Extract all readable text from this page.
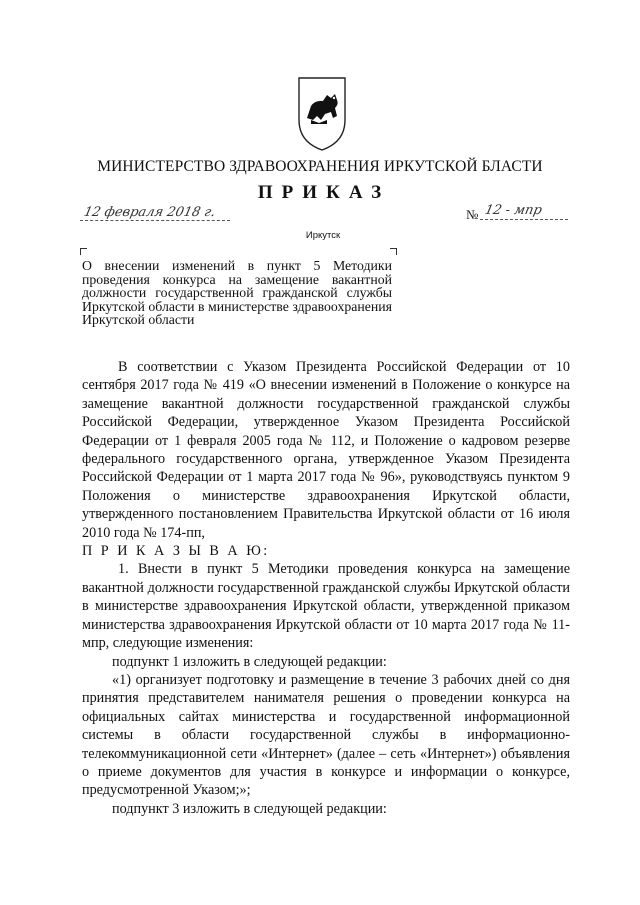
МИНИСТЕРСТВО ЗДРАВООХРАНЕНИЯ ИРКУТСКОЙ БЛАСТИ
ПРИКАЗ
12 февраля 2018 г.	№ 12 - мпр
Иркутск
О внесении изменений в пункт 5 Методики проведения конкурса на замещение вакантной должности государственной гражданской службы Иркутской области в министерстве здравоохранения Иркутской области

В соответствии с Указом Президента Российской Федерации от 10 сентября 2017 года № 419 «О внесении изменений в Положение о конкурсе на замещение вакантной должности государственной гражданской службы Российской Федерации, утвержденное Указом Президента Российской Федерации от 1 февраля 2005 года № 112, и Положение о кадровом резерве федерального государственного органа, утвержденное Указом Президента Российской Федерации от 1 марта 2017 года № 96», руководствуясь пунктом 9 Положения о министерстве здравоохранения Иркутской области, утвержденного постановлением Правительства Иркутской области от 16 июля 2010 года № 174-пп,

П Р И К А З Ы В А Ю:

1. Внести в пункт 5 Методики проведения конкурса на замещение вакантной должности государственной гражданской службы Иркутской области в министерстве здравоохранения Иркутской области, утвержденной приказом министерства здравоохранения Иркутской области от 10 марта 2017 года № 11-мпр, следующие изменения:

подпункт 1 изложить в следующей редакции:

«1) организует подготовку и размещение в течение 3 рабочих дней со дня принятия представителем нанимателя решения о проведении конкурса на официальных сайтах министерства и государственной информационной системы в области государственной службы в информационно-телекоммуникационной сети «Интернет» (далее – сеть «Интернет») объявления о приеме документов для участия в конкурсе и информации о конкурсе, предусмотренной Указом;»;

подпункт 3 изложить в следующей редакции:
